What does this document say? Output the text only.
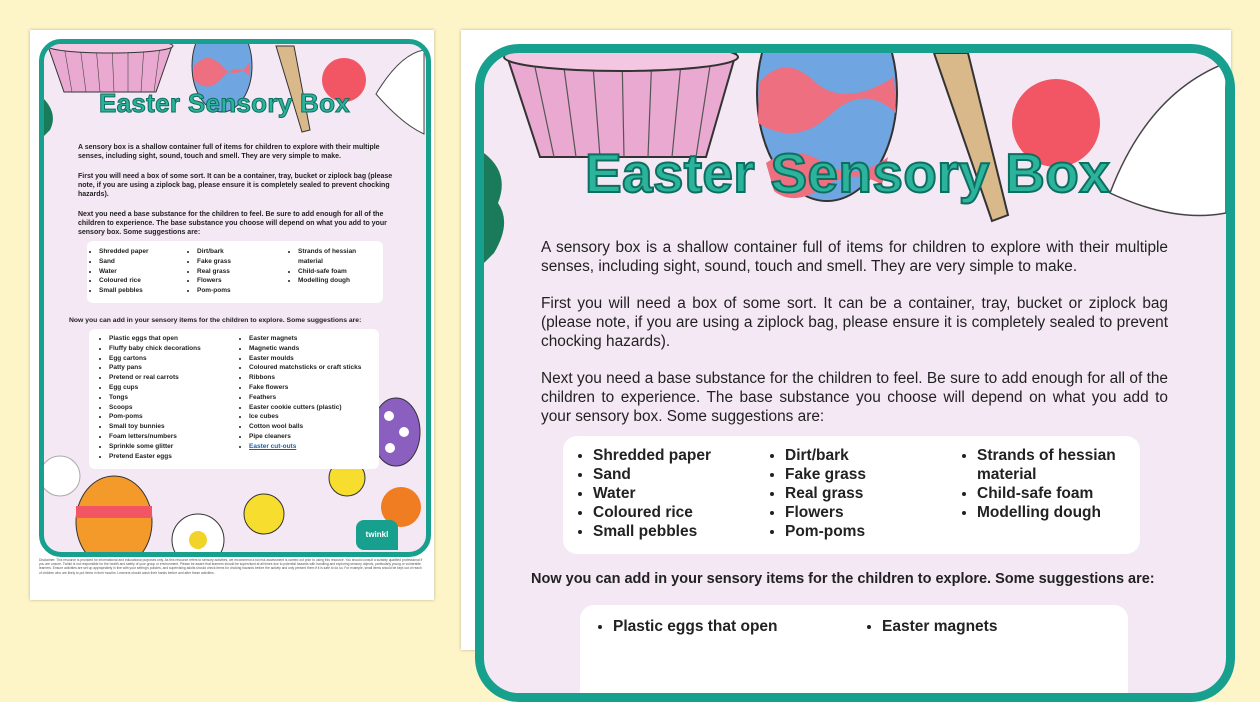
Easter Sensory Box
A sensory box is a shallow container full of items for children to explore with their multiple senses, including sight, sound, touch and smell. They are very simple to make.
First you will need a box of some sort. It can be a container, tray, bucket or ziplock bag (please note, if you are using a ziplock bag, please ensure it is completely sealed to prevent chocking hazards).
Next you need a base substance for the children to feel. Be sure to add enough for all of the children to experience. The base substance you choose will depend on what you add to your sensory box. Some suggestions are:
• Shredded paper
• Sand
• Water
• Coloured rice
• Small pebbles
• Dirt/bark
• Fake grass
• Real grass
• Flowers
• Pom-poms
• Strands of hessian material
• Child-safe foam
• Modelling dough
Now you can add in your sensory items for the children to explore. Some suggestions are:
• Plastic eggs that open
• Fluffy baby chick decorations
• Egg cartons
• Patty pans
• Pretend or real carrots
• Egg cups
• Tongs
• Scoops
• Pom-poms
• Small toy bunnies
• Foam letters/numbers
• Sprinkle some glitter
• Pretend Easter eggs
• Easter magnets
• Magnetic wands
• Easter moulds
• Coloured matchsticks or craft sticks
• Ribbons
• Fake flowers
• Feathers
• Easter cookie cutters (plastic)
• Ice cubes
• Cotton wool balls
• Pipe cleaners
• Easter cut-outs
twinkl
Disclaimer: This resource is provided for informational and educational purposes only. As this resource refers to sensory activities, we recommend a full risk assessment is carried out prior to using this resource. You should consult a suitably qualified professional if you are unsure. Twinkl is not responsible for the health and safety of your group or environment. Please be aware that learners should be supervised at all times due to potential hazards with handling and exploring sensory objects, particularly young or vulnerable learners. Ensure activities are set up appropriately in line with your setting's policies, and supervising adults should check items for choking hazards before the activity and only present them if it is safe to do so. For example, small items should be kept out of reach of children who are likely to put items in their mouths. Learners should wash their hands before and after these activities.
Easter Sensory Box
A sensory box is a shallow container full of items for children to explore with their multiple senses, including sight, sound, touch and smell. They are very simple to make.
First you will need a box of some sort. It can be a container, tray, bucket or ziplock bag (please note, if you are using a ziplock bag, please ensure it is completely sealed to prevent chocking hazards).
Next you need a base substance for the children to feel. Be sure to add enough for all of the children to experience. The base substance you choose will depend on what you add to your sensory box. Some suggestions are:
• Shredded paper
• Sand
• Water
• Coloured rice
• Small pebbles
• Dirt/bark
• Fake grass
• Real grass
• Flowers
• Pom-poms
• Strands of hessian material
• Child-safe foam
• Modelling dough
Now you can add in your sensory items for the children to explore. Some suggestions are:
• Plastic eggs that open
•	Easter magnets
